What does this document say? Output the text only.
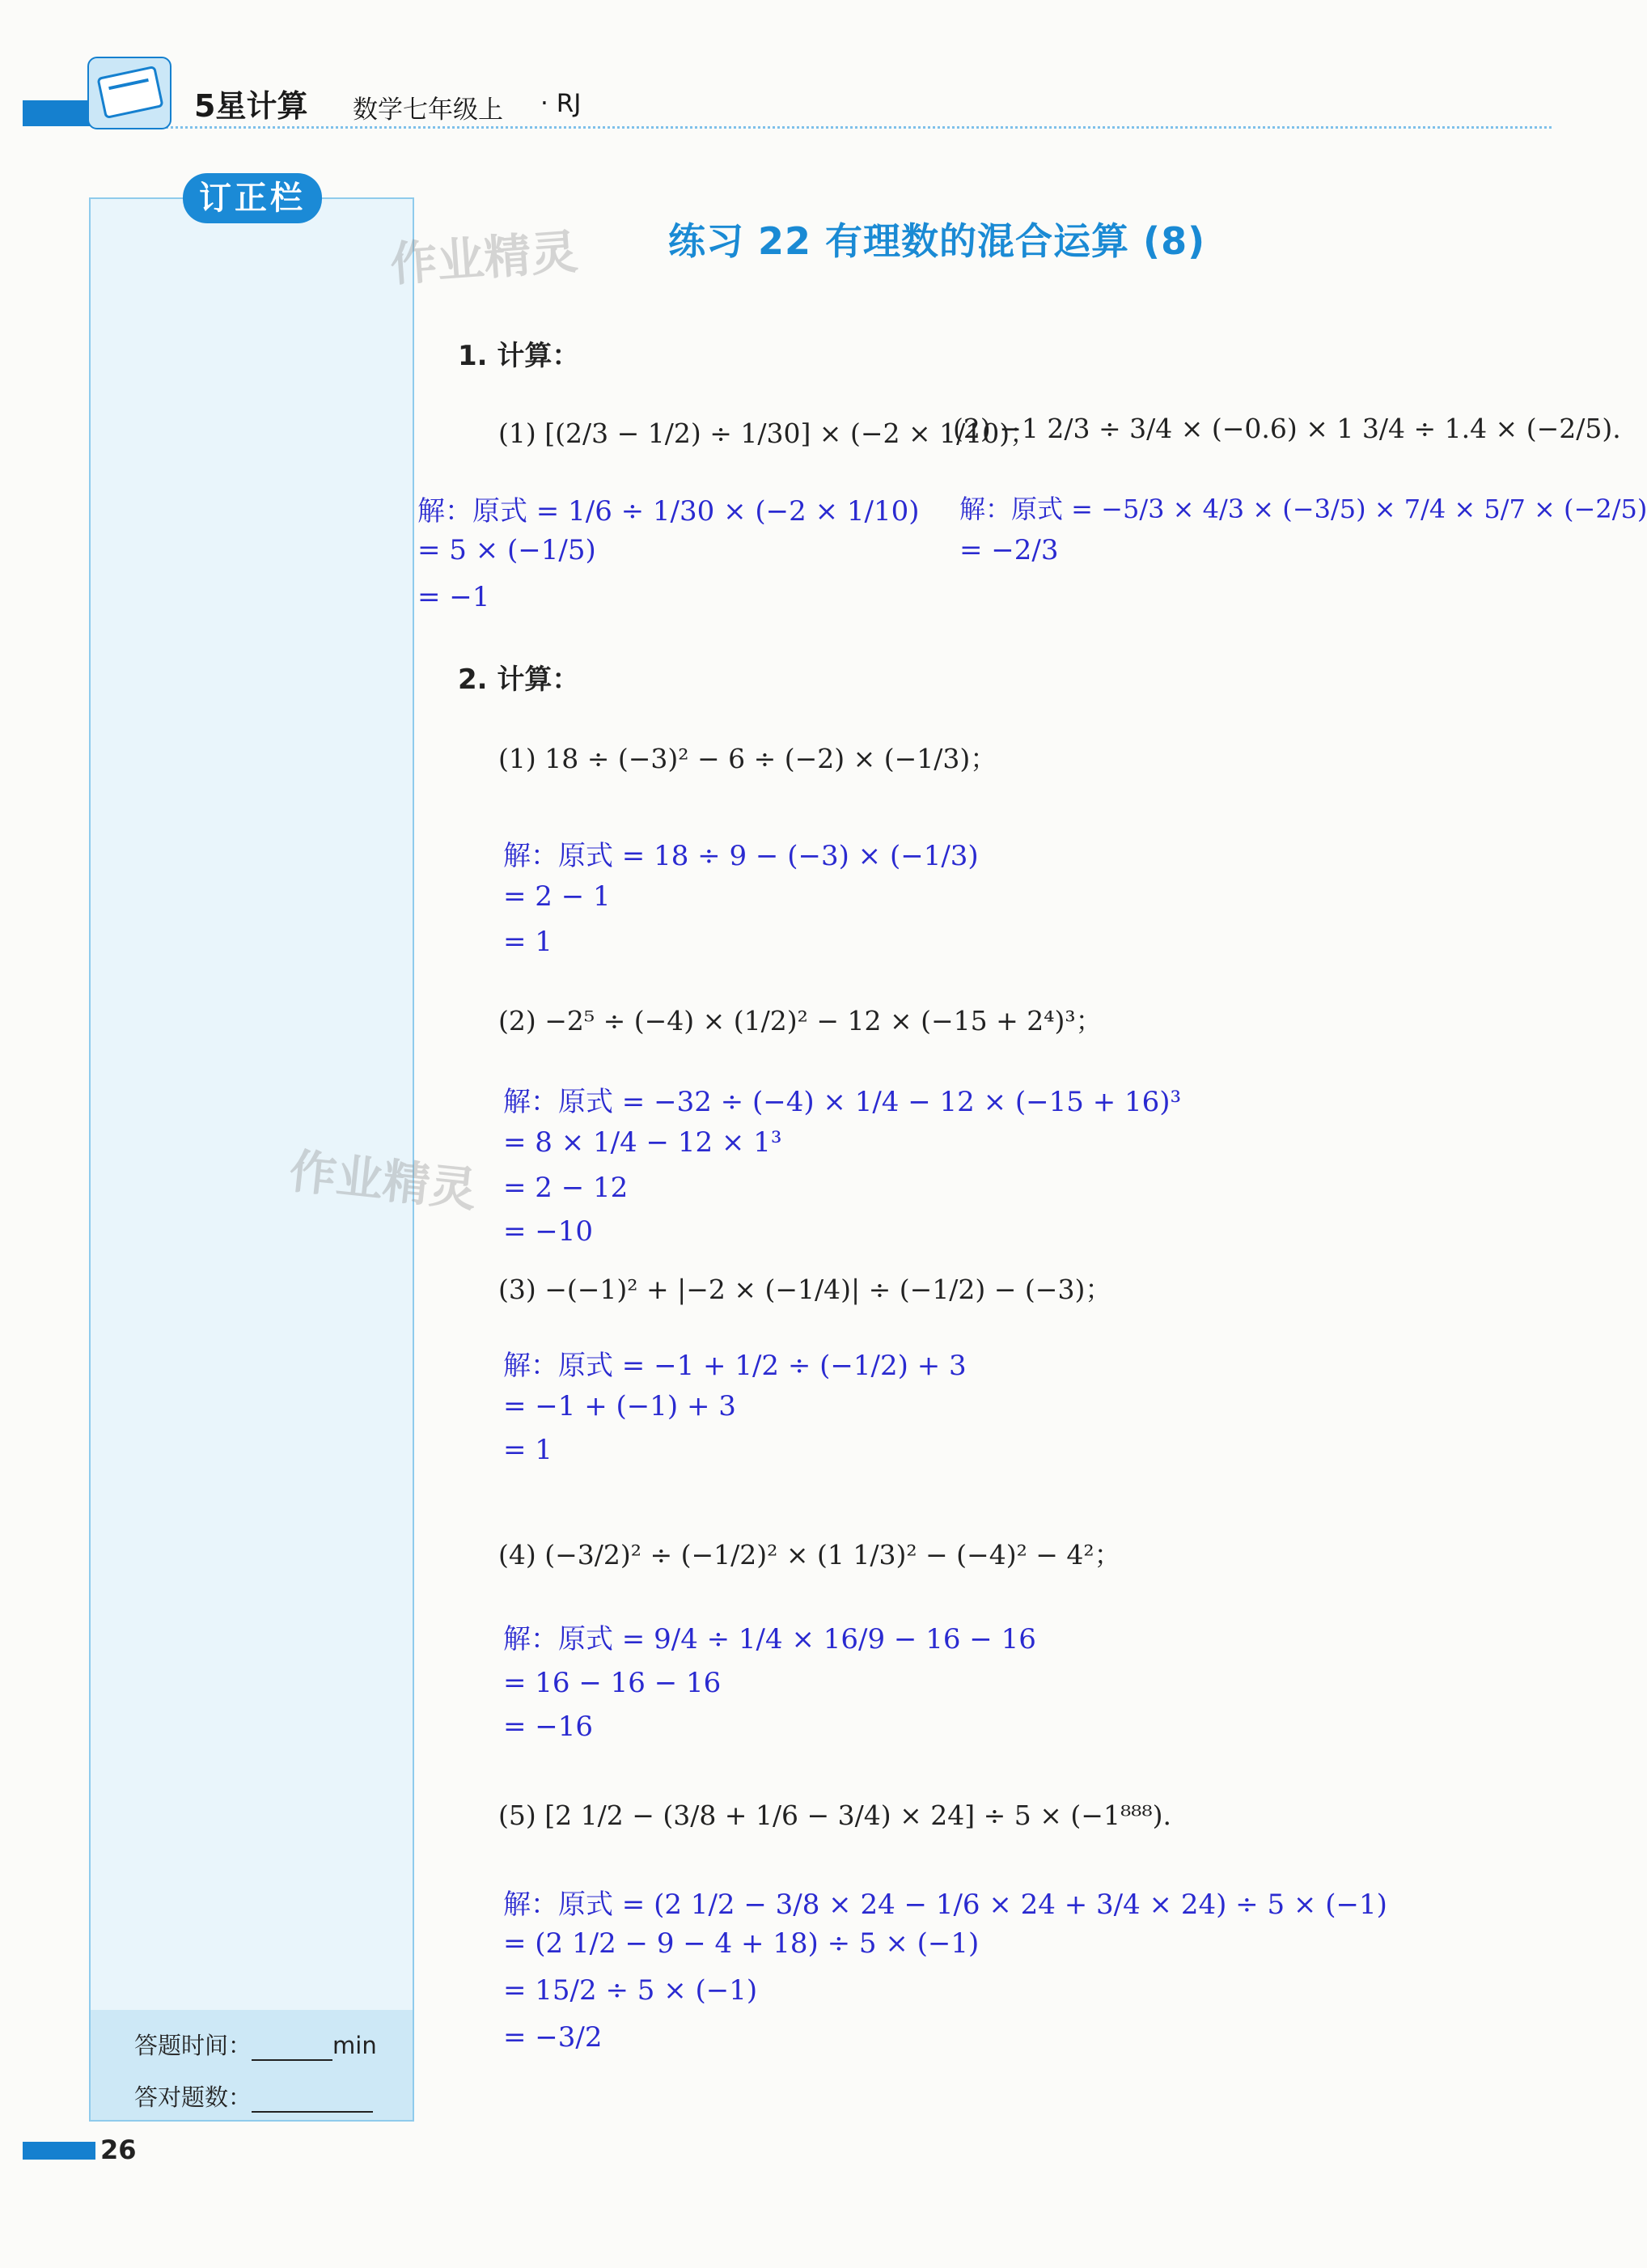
5星计算 数学七年级上 · RJ
订正栏
答题时间：	min
答对题数：
作业精灵
作业精灵
练习 22 有理数的混合运算 (8)
1. 计算：
(1) [(2/3 − 1/2) ÷ 1/30] × (−2 × 1/10)；
(2) −1 2/3 ÷ 3/4 × (−0.6) × 1 3/4 ÷ 1.4 × (−2/5).
解：原式 = 1/6 ÷ 1/30 × (−2 × 1/10)
= 5 × (−1/5)
= −1
解：原式 = −5/3 × 4/3 × (−3/5) × 7/4 × 5/7 × (−2/5)
= −2/3
2. 计算：
(1) 18 ÷ (−3)² − 6 ÷ (−2) × (−1/3)；
解：原式 = 18 ÷ 9 − (−3) × (−1/3)
= 2 − 1
= 1
(2) −2⁵ ÷ (−4) × (1/2)² − 12 × (−15 + 2⁴)³；
解：原式 = −32 ÷ (−4) × 1/4 − 12 × (−15 + 16)³
= 8 × 1/4 − 12 × 1³
= 2 − 12
= −10
(3) −(−1)² + |−2 × (−1/4)| ÷ (−1/2) − (−3)；
解：原式 = −1 + 1/2 ÷ (−1/2) + 3
= −1 + (−1) + 3
= 1
(4) (−3/2)² ÷ (−1/2)² × (1 1/3)² − (−4)² − 4²；
解：原式 = 9/4 ÷ 1/4 × 16/9 − 16 − 16
= 16 − 16 − 16
= −16
(5) [2 1/2 − (3/8 + 1/6 − 3/4) × 24] ÷ 5 × (−1⁸⁸⁸).
解：原式 = (2 1/2 − 3/8 × 24 − 1/6 × 24 + 3/4 × 24) ÷ 5 × (−1)
= (2 1/2 − 9 − 4 + 18) ÷ 5 × (−1)
= 15/2 ÷ 5 × (−1)
= −3/2
26
